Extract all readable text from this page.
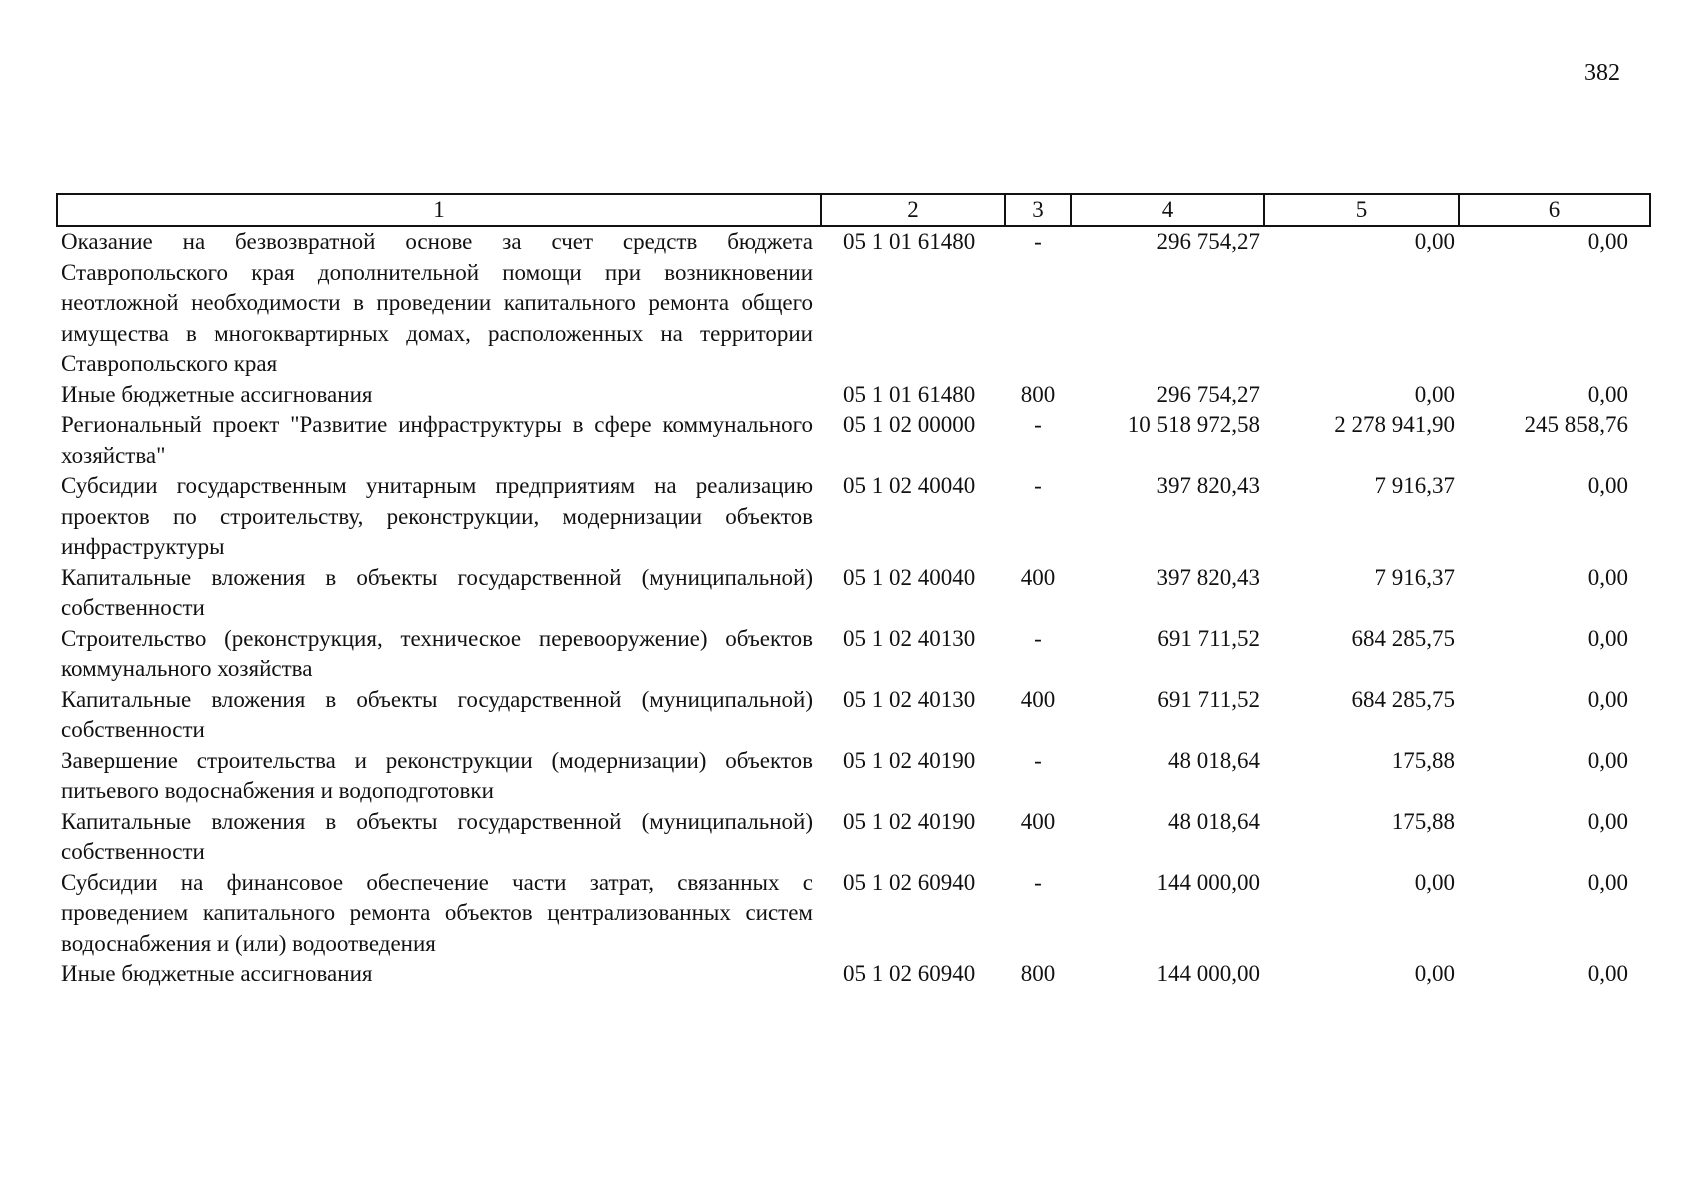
382
1	2	3	4	5	6
Оказание на безвозвратной основе за счет средств бюджета Ставропольского края дополнительной помощи при возникновении неотложной необходимости в проведении капитального ремонта общего имущества в многоквартирных домах, расположенных на территории Ставропольского края	05 1 01 61480	-	296 754,27	0,00	0,00
Иные бюджетные ассигнования	05 1 01 61480	800	296 754,27	0,00	0,00
Региональный проект "Развитие инфраструктуры в сфере коммунального хозяйства"	05 1 02 00000	-	10 518 972,58	2 278 941,90	245 858,76
Субсидии государственным унитарным предприятиям на реализацию проектов по строительству, реконструкции, модернизации объектов инфраструктуры	05 1 02 40040	-	397 820,43	7 916,37	0,00
Капитальные вложения в объекты государственной (муниципальной) собственности	05 1 02 40040	400	397 820,43	7 916,37	0,00
Строительство (реконструкция, техническое перевооружение) объектов коммунального хозяйства	05 1 02 40130	-	691 711,52	684 285,75	0,00
Капитальные вложения в объекты государственной (муниципальной) собственности	05 1 02 40130	400	691 711,52	684 285,75	0,00
Завершение строительства и реконструкции (модернизации) объектов питьевого водоснабжения и водоподготовки	05 1 02 40190	-	48 018,64	175,88	0,00
Капитальные вложения в объекты государственной (муниципальной) собственности	05 1 02 40190	400	48 018,64	175,88	0,00
Субсидии на финансовое обеспечение части затрат, связанных с проведением капитального ремонта объектов централизованных систем водоснабжения и (или) водоотведения	05 1 02 60940	-	144 000,00	0,00	0,00
Иные бюджетные ассигнования	05 1 02 60940	800	144 000,00	0,00	0,00
